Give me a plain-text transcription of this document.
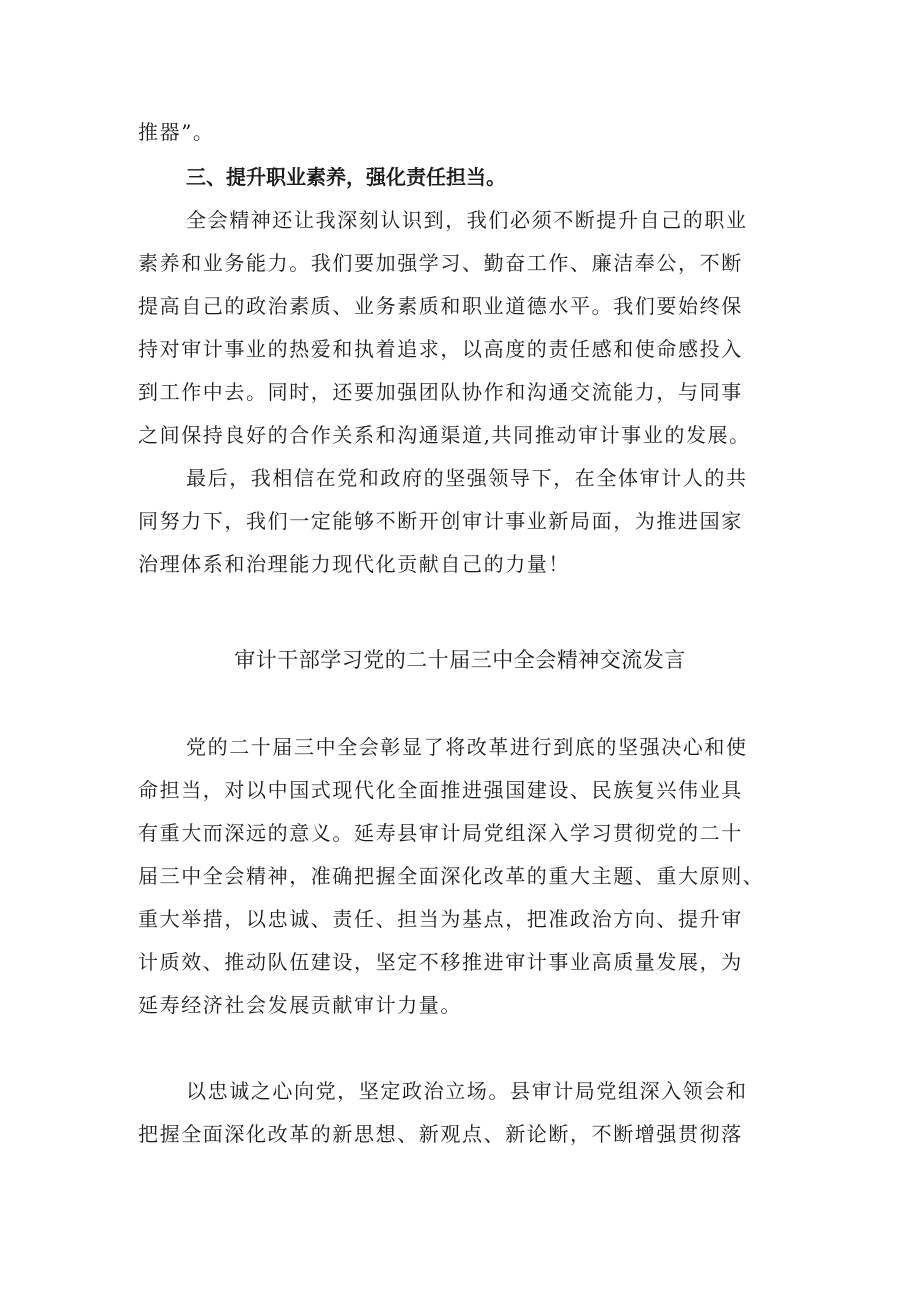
推器”。
三、提升职业素养，强化责任担当。
全会精神还让我深刻认识到，我们必须不断提升自己的职业
素养和业务能力。我们要加强学习、勤奋工作、廉洁奉公，不断
提高自己的政治素质、业务素质和职业道德水平。我们要始终保
持对审计事业的热爱和执着追求，以高度的责任感和使命感投入
到工作中去。同时，还要加强团队协作和沟通交流能力，与同事
之间保持良好的合作关系和沟通渠道,共同推动审计事业的发展。
最后，我相信在党和政府的坚强领导下，在全体审计人的共
同努力下，我们一定能够不断开创审计事业新局面，为推进国家
治理体系和治理能力现代化贡献自己的力量！
审计干部学习党的二十届三中全会精神交流发言
党的二十届三中全会彰显了将改革进行到底的坚强决心和使
命担当，对以中国式现代化全面推进强国建设、民族复兴伟业具
有重大而深远的意义。延寿县审计局党组深入学习贯彻党的二十
届三中全会精神，准确把握全面深化改革的重大主题、重大原则、
重大举措，以忠诚、责任、担当为基点，把准政治方向、提升审
计质效、推动队伍建设，坚定不移推进审计事业高质量发展，为
延寿经济社会发展贡献审计力量。
以忠诚之心向党，坚定政治立场。县审计局党组深入领会和
把握全面深化改革的新思想、新观点、新论断，不断增强贯彻落
